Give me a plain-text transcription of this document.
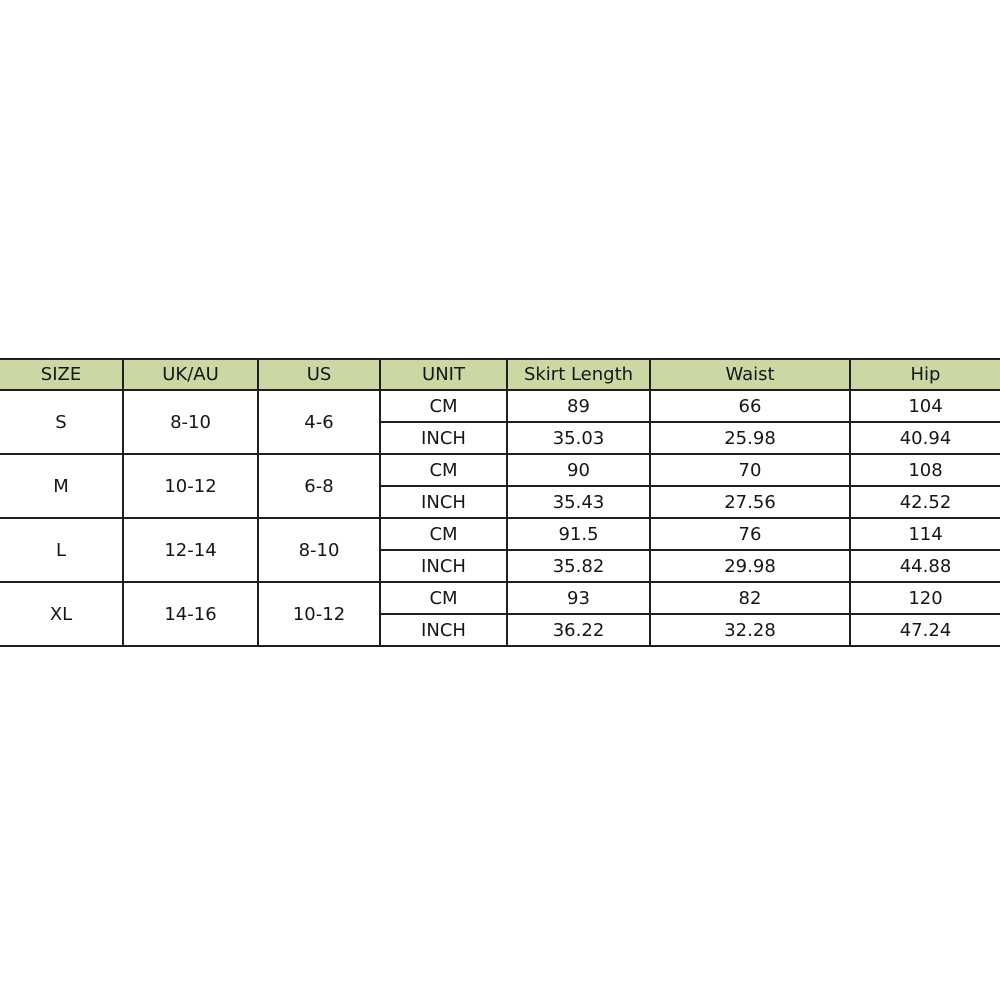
SIZE	UK/AU	US	UNIT	Skirt Length	Waist	Hip
S	8-10	4-6	CM	89	66	104
			INCH	35.03	25.98	40.94
M	10-12	6-8	CM	90	70	108
			INCH	35.43	27.56	42.52
L	12-14	8-10	CM	91.5	76	114
			INCH	35.82	29.98	44.88
XL	14-16	10-12	CM	93	82	120
			INCH	36.22	32.28	47.24
